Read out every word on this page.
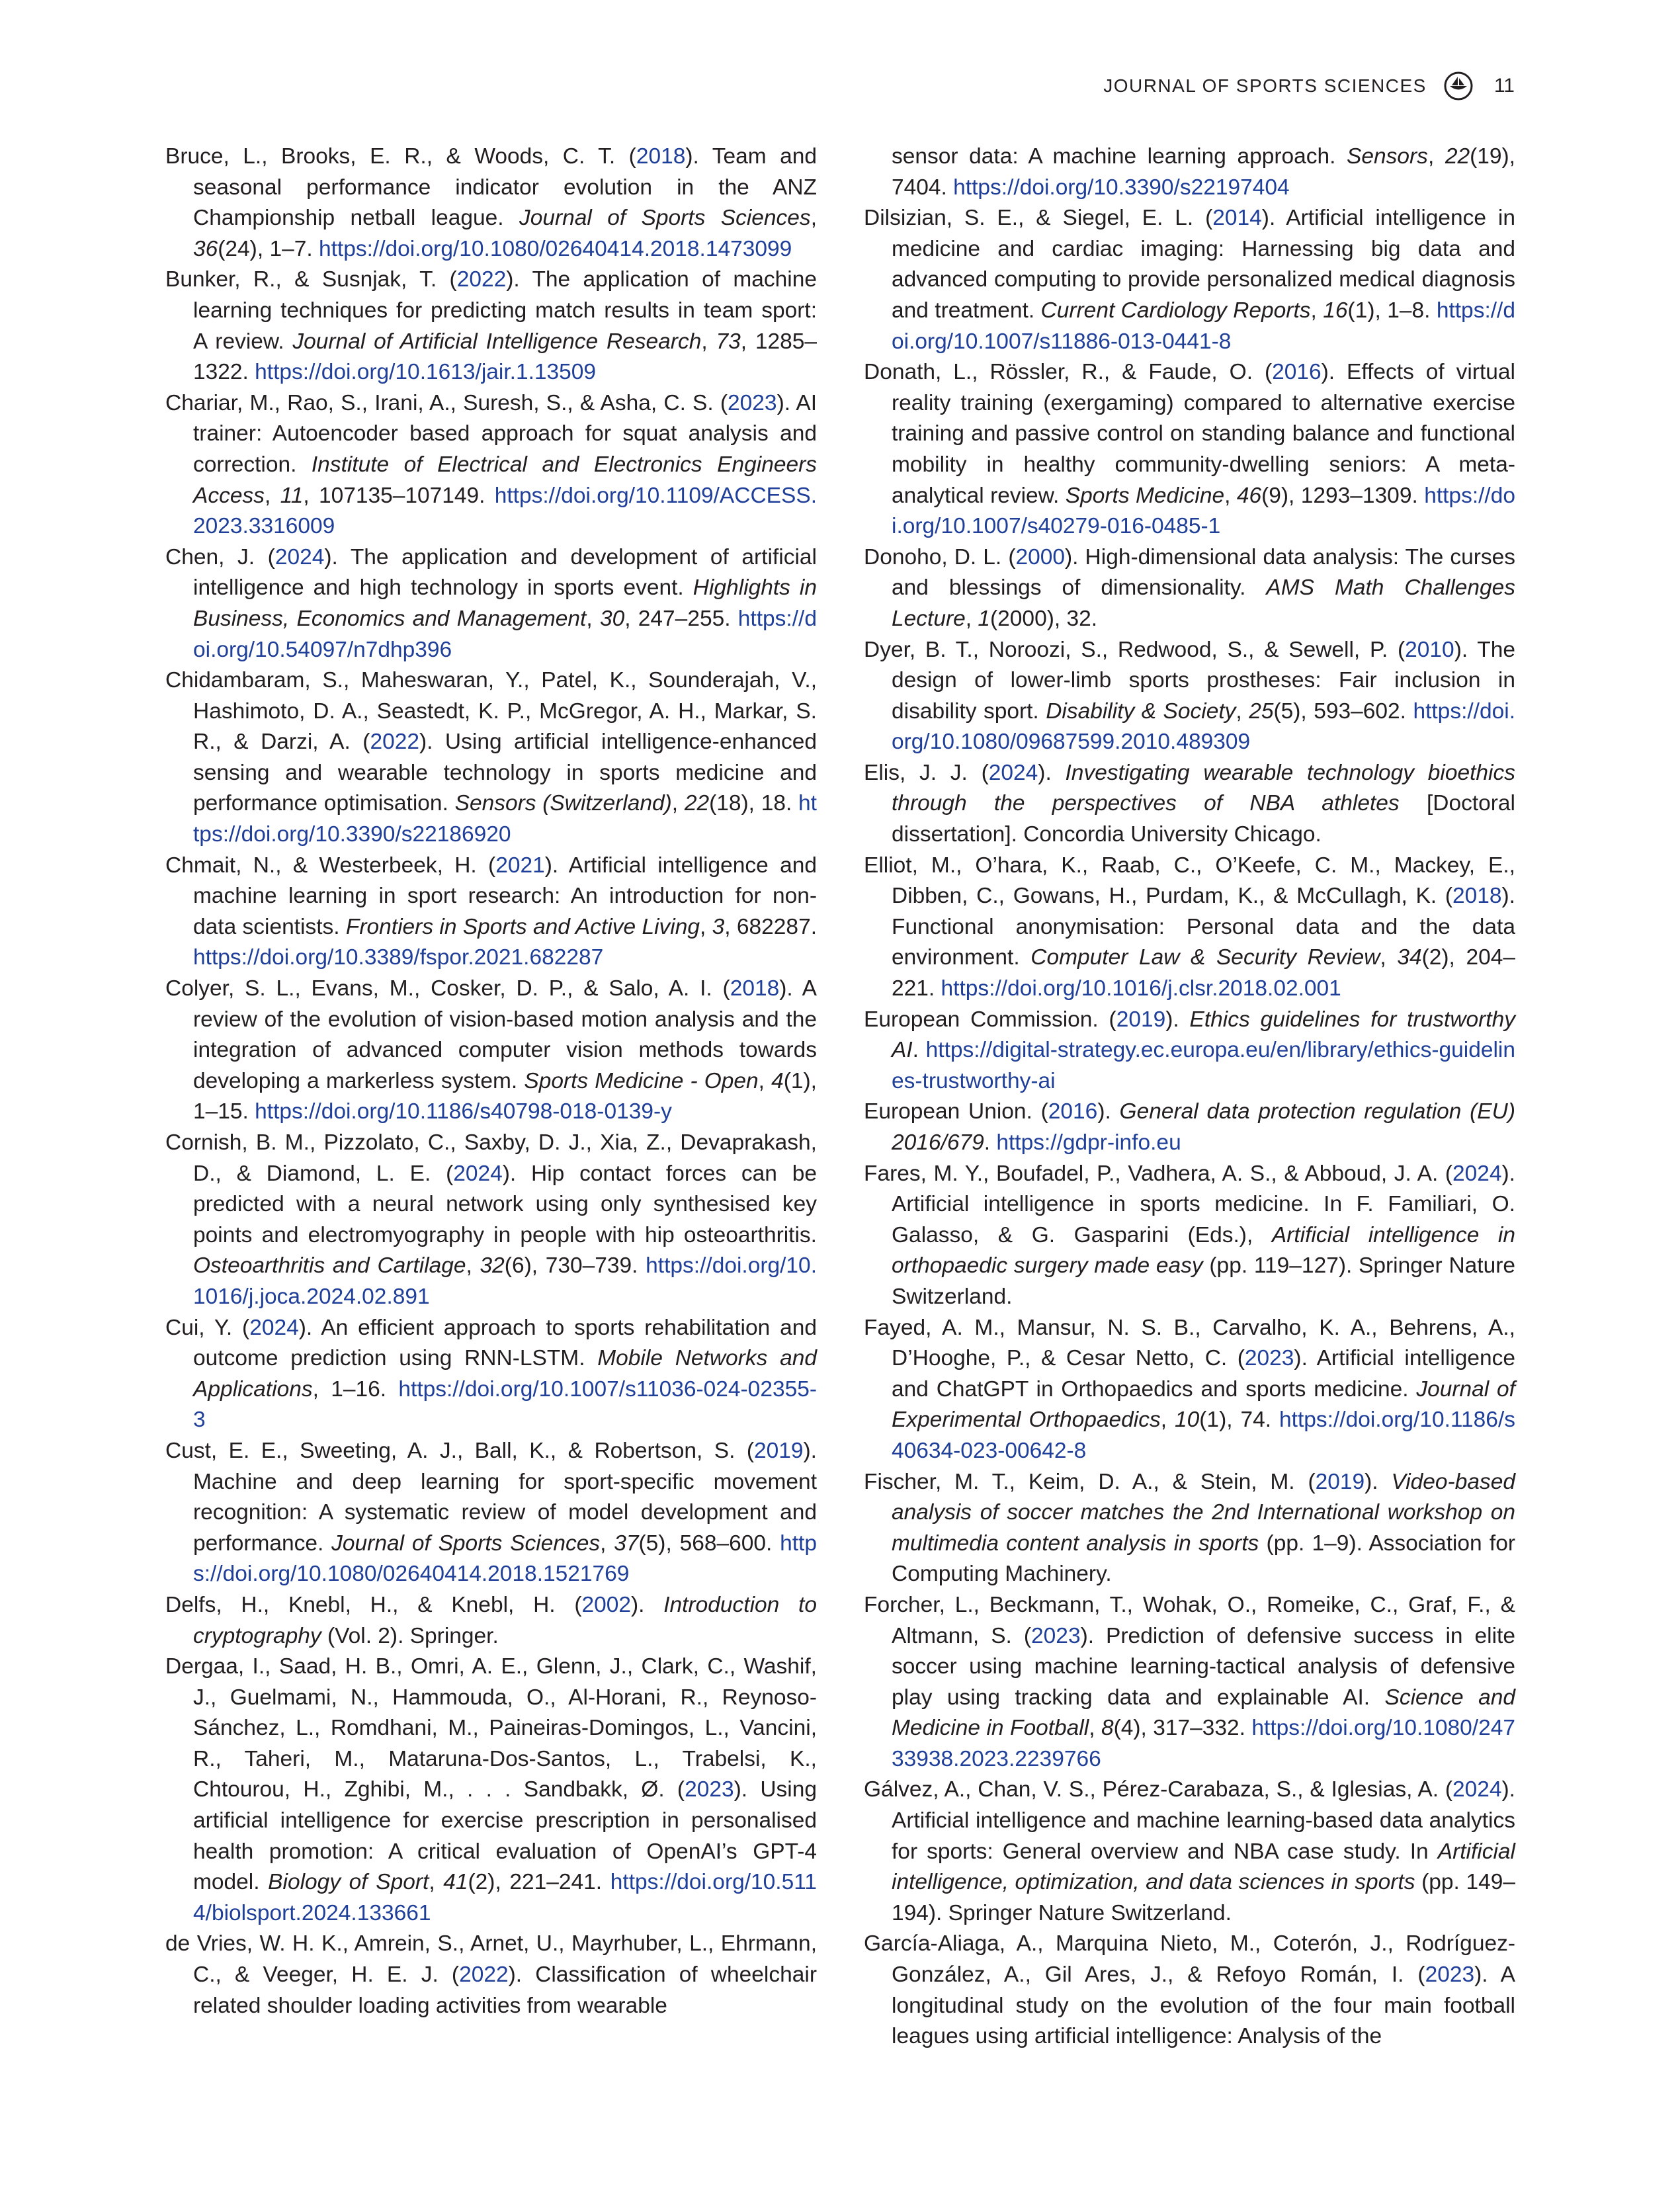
JOURNAL OF SPORTS SCIENCES	11

Bruce, L., Brooks, E. R., & Woods, C. T. (2018). Team and seasonal performance indicator evolution in the ANZ Championship netball league. Journal of Sports Sciences, 36(24), 1–7. https://doi.org/10.1080/02640414.2018.1473099

Bunker, R., & Susnjak, T. (2022). The application of machine learning techniques for predicting match results in team sport: A review. Journal of Artificial Intelligence Research, 73, 1285–1322. https://doi.org/10.1613/jair.1.13509

Chariar, M., Rao, S., Irani, A., Suresh, S., & Asha, C. S. (2023). AI trainer: Autoencoder based approach for squat analysis and correction. Institute of Electrical and Electronics Engineers Access, 11, 107135–107149. https://doi.org/10.1109/ACCESS.2023.3316009

Chen, J. (2024). The application and development of artificial intelligence and high technology in sports event. Highlights in Business, Economics and Management, 30, 247–255. https://doi.org/10.54097/n7dhp396

Chidambaram, S., Maheswaran, Y., Patel, K., Sounderajah, V., Hashimoto, D. A., Seastedt, K. P., McGregor, A. H., Markar, S. R., & Darzi, A. (2022). Using artificial intelligence-enhanced sensing and wearable technology in sports medicine and performance optimisation. Sensors (Switzerland), 22(18), 18. https://doi.org/10.3390/s22186920

Chmait, N., & Westerbeek, H. (2021). Artificial intelligence and machine learning in sport research: An introduction for non-data scientists. Frontiers in Sports and Active Living, 3, 682287. https://doi.org/10.3389/fspor.2021.682287

Colyer, S. L., Evans, M., Cosker, D. P., & Salo, A. I. (2018). A review of the evolution of vision-based motion analysis and the integration of advanced computer vision methods towards developing a markerless system. Sports Medicine - Open, 4(1), 1–15. https://doi.org/10.1186/s40798-018-0139-y

Cornish, B. M., Pizzolato, C., Saxby, D. J., Xia, Z., Devaprakash, D., & Diamond, L. E. (2024). Hip contact forces can be predicted with a neural network using only synthesised key points and electromyography in people with hip osteoarthritis. Osteoarthritis and Cartilage, 32(6), 730–739. https://doi.org/10.1016/j.joca.2024.02.891

Cui, Y. (2024). An efficient approach to sports rehabilitation and outcome prediction using RNN-LSTM. Mobile Networks and Applications, 1–16. https://doi.org/10.1007/s11036-024-02355-3

Cust, E. E., Sweeting, A. J., Ball, K., & Robertson, S. (2019). Machine and deep learning for sport-specific movement recognition: A systematic review of model development and performance. Journal of Sports Sciences, 37(5), 568–600. https://doi.org/10.1080/02640414.2018.1521769

Delfs, H., Knebl, H., & Knebl, H. (2002). Introduction to cryptography (Vol. 2). Springer.

Dergaa, I., Saad, H. B., Omri, A. E., Glenn, J., Clark, C., Washif, J., Guelmami, N., Hammouda, O., Al-Horani, R., Reynoso-Sánchez, L., Romdhani, M., Paineiras-Domingos, L., Vancini, R., Taheri, M., Mataruna-Dos-Santos, L., Trabelsi, K., Chtourou, H., Zghibi, M., . . . Sandbakk, Ø. (2023). Using artificial intelligence for exercise prescription in personalised health promotion: A critical evaluation of OpenAI’s GPT-4 model. Biology of Sport, 41(2), 221–241. https://doi.org/10.5114/biolsport.2024.133661

de Vries, W. H. K., Amrein, S., Arnet, U., Mayrhuber, L., Ehrmann, C., & Veeger, H. E. J. (2022). Classification of wheelchair related shoulder loading activities from wearable

sensor data: A machine learning approach. Sensors, 22(19), 7404. https://doi.org/10.3390/s22197404

Dilsizian, S. E., & Siegel, E. L. (2014). Artificial intelligence in medicine and cardiac imaging: Harnessing big data and advanced computing to provide personalized medical diagnosis and treatment. Current Cardiology Reports, 16(1), 1–8. https://doi.org/10.1007/s11886-013-0441-8

Donath, L., Rössler, R., & Faude, O. (2016). Effects of virtual reality training (exergaming) compared to alternative exercise training and passive control on standing balance and functional mobility in healthy community-dwelling seniors: A meta-analytical review. Sports Medicine, 46(9), 1293–1309. https://doi.org/10.1007/s40279-016-0485-1

Donoho, D. L. (2000). High-dimensional data analysis: The curses and blessings of dimensionality. AMS Math Challenges Lecture, 1(2000), 32.

Dyer, B. T., Noroozi, S., Redwood, S., & Sewell, P. (2010). The design of lower-limb sports prostheses: Fair inclusion in disability sport. Disability & Society, 25(5), 593–602. https://doi.org/10.1080/09687599.2010.489309

Elis, J. J. (2024). Investigating wearable technology bioethics through the perspectives of NBA athletes [Doctoral dissertation]. Concordia University Chicago.

Elliot, M., O’hara, K., Raab, C., O’Keefe, C. M., Mackey, E., Dibben, C., Gowans, H., Purdam, K., & McCullagh, K. (2018). Functional anonymisation: Personal data and the data environment. Computer Law & Security Review, 34(2), 204–221. https://doi.org/10.1016/j.clsr.2018.02.001

European Commission. (2019). Ethics guidelines for trustworthy AI. https://digital-strategy.ec.europa.eu/en/library/ethics-guidelines-trustworthy-ai

European Union. (2016). General data protection regulation (EU) 2016/679. https://gdpr-info.eu

Fares, M. Y., Boufadel, P., Vadhera, A. S., & Abboud, J. A. (2024). Artificial intelligence in sports medicine. In F. Familiari, O. Galasso, & G. Gasparini (Eds.), Artificial intelligence in orthopaedic surgery made easy (pp. 119–127). Springer Nature Switzerland.

Fayed, A. M., Mansur, N. S. B., Carvalho, K. A., Behrens, A., D’Hooghe, P., & Cesar Netto, C. (2023). Artificial intelligence and ChatGPT in Orthopaedics and sports medicine. Journal of Experimental Orthopaedics, 10(1), 74. https://doi.org/10.1186/s40634-023-00642-8

Fischer, M. T., Keim, D. A., & Stein, M. (2019). Video-based analysis of soccer matches the 2nd International workshop on multimedia content analysis in sports (pp. 1–9). Association for Computing Machinery.

Forcher, L., Beckmann, T., Wohak, O., Romeike, C., Graf, F., & Altmann, S. (2023). Prediction of defensive success in elite soccer using machine learning-tactical analysis of defensive play using tracking data and explainable AI. Science and Medicine in Football, 8(4), 317–332. https://doi.org/10.1080/24733938.2023.2239766

Gálvez, A., Chan, V. S., Pérez-Carabaza, S., & Iglesias, A. (2024). Artificial intelligence and machine learning-based data analytics for sports: General overview and NBA case study. In Artificial intelligence, optimization, and data sciences in sports (pp. 149–194). Springer Nature Switzerland.

García-Aliaga, A., Marquina Nieto, M., Coterón, J., Rodríguez-González, A., Gil Ares, J., & Refoyo Román, I. (2023). A longitudinal study on the evolution of the four main football leagues using artificial intelligence: Analysis of the
